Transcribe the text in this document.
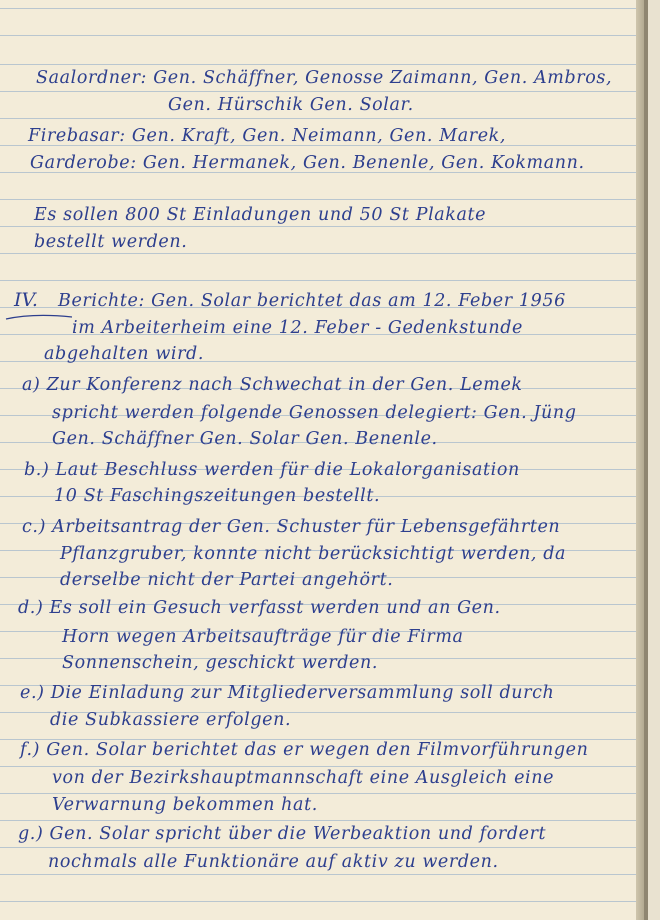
IV.
Saalordner: Gen. Schäffner, Genosse Zaimann, Gen. Ambros,
Gen. Hürschik Gen. Solar.
Firebasar: Gen. Kraft, Gen. Neimann, Gen. Marek,
Garderobe: Gen. Hermanek, Gen. Benenle, Gen. Kokmann.
Es sollen 800 St Einladungen und 50 St Plakate
bestellt werden.
Berichte: Gen. Solar berichtet das am 12. Feber 1956
im Arbeiterheim eine 12. Feber - Gedenkstunde
abgehalten wird.
a) Zur Konferenz nach Schwechat in der Gen. Lemek
spricht werden folgende Genossen delegiert: Gen. Jüng
Gen. Schäffner Gen. Solar Gen. Benenle.
b.) Laut Beschluss werden für die Lokalorganisation
10 St Faschingszeitungen bestellt.
c.) Arbeitsantrag der Gen. Schuster für Lebensgefährten
Pflanzgruber, konnte nicht berücksichtigt werden, da
derselbe nicht der Partei angehört.
d.) Es soll ein Gesuch verfasst werden und an Gen.
Horn wegen Arbeitsaufträge für die Firma
Sonnenschein, geschickt werden.
e.) Die Einladung zur Mitgliederversammlung soll durch
die Subkassiere erfolgen.
f.) Gen. Solar berichtet das er wegen den Filmvorführungen
von der Bezirkshauptmannschaft eine Ausgleich eine
Verwarnung bekommen hat.
g.) Gen. Solar spricht über die Werbeaktion und fordert
nochmals alle Funktionäre auf aktiv zu werden.
